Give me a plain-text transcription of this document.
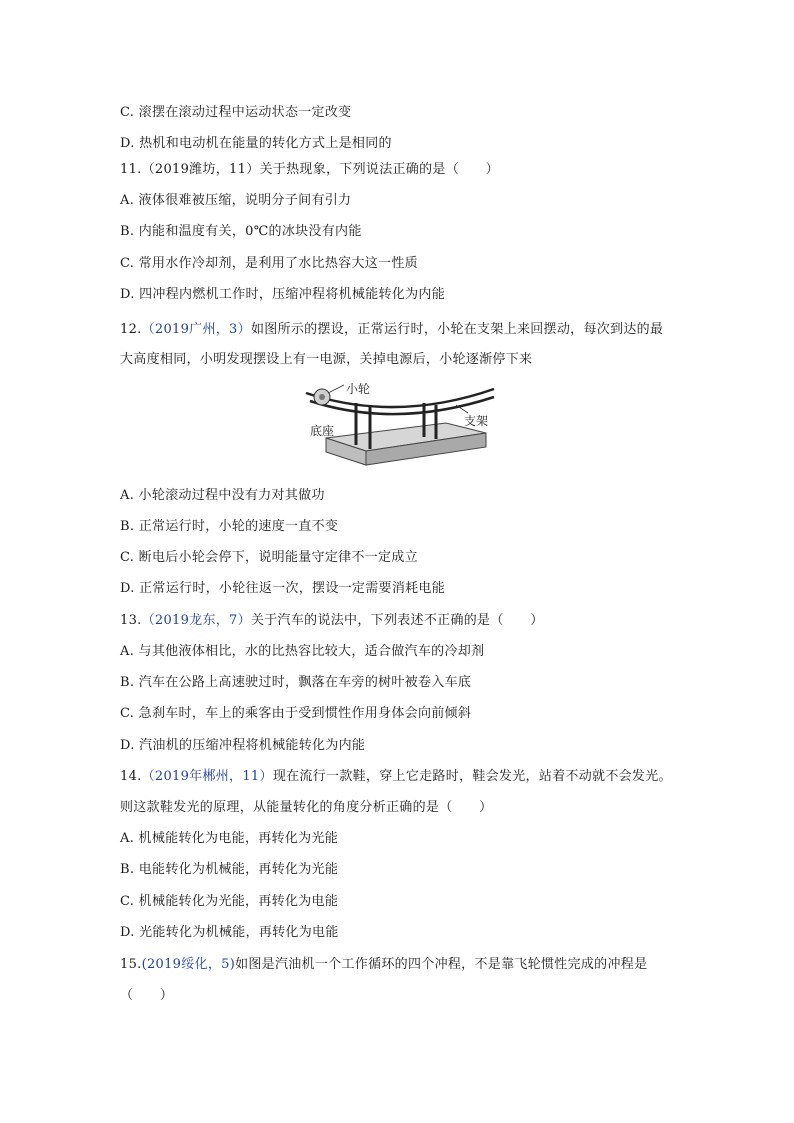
C. 滚摆在滚动过程中运动状态一定改变
D. 热机和电动机在能量的转化方式上是相同的
11.（2019潍坊，11）关于热现象，下列说法正确的是（　　）
A. 液体很难被压缩，说明分子间有引力
B. 内能和温度有关，0℃的冰块没有内能
C. 常用水作冷却剂，是利用了水比热容大这一性质
D. 四冲程内燃机工作时，压缩冲程将机械能转化为内能
12.（2019广州，3）如图所示的摆设，正常运行时，小轮在支架上来回摆动，每次到达的最
大高度相同，小明发现摆设上有一电源，关掉电源后，小轮逐渐停下来
小轮
支架
底座
A. 小轮滚动过程中没有力对其做功
B. 正常运行时，小轮的速度一直不变
C. 断电后小轮会停下，说明能量守定律不一定成立
D. 正常运行时，小轮往返一次，摆设一定需要消耗电能
13.（2019龙东，7）关于汽车的说法中，下列表述不正确的是（　　）
A. 与其他液体相比，水的比热容比较大，适合做汽车的冷却剂
B. 汽车在公路上高速驶过时，飘落在车旁的树叶被卷入车底
C. 急刹车时，车上的乘客由于受到惯性作用身体会向前倾斜
D. 汽油机的压缩冲程将机械能转化为内能
14.（2019年郴州，11）现在流行一款鞋，穿上它走路时，鞋会发光，站着不动就不会发光。
则这款鞋发光的原理，从能量转化的角度分析正确的是（　　）
A. 机械能转化为电能，再转化为光能
B. 电能转化为机械能，再转化为光能
C. 机械能转化为光能，再转化为电能
D. 光能转化为机械能，再转化为电能
15.(2019绥化，5)如图是汽油机一个工作循环的四个冲程，不是靠飞轮惯性完成的冲程是
（　　）
